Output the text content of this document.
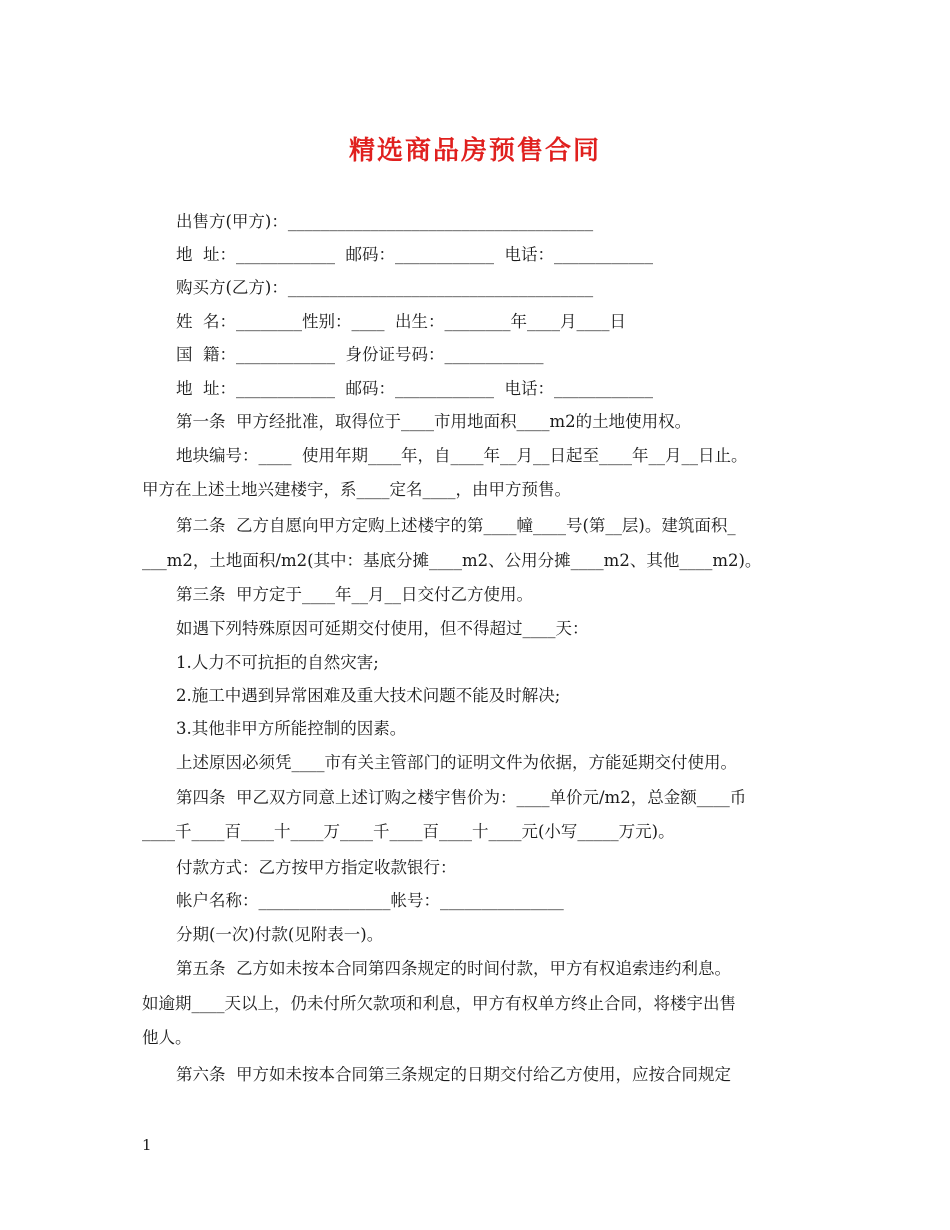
精选商品房预售合同
出售方(甲方)：_____________________________________
地  址：____________  邮码：____________  电话：____________
购买方(乙方)：_____________________________________
姓  名：________性别：____  出生：________年____月____日
国  籍：____________  身份证号码：____________
地  址：____________  邮码：____________  电话：____________
第一条  甲方经批准，取得位于____市用地面积____m2的土地使用权。
地块编号：____  使用年期____年，自____年__月__日起至____年__月__日止。
甲方在上述土地兴建楼宇，系____定名____，由甲方预售。
第二条  乙方自愿向甲方定购上述楼宇的第____幢____号(第__层)。建筑面积_
___m2，土地面积/m2(其中：基底分摊____m2、公用分摊____m2、其他____m2)。
第三条  甲方定于____年__月__日交付乙方使用。
如遇下列特殊原因可延期交付使用，但不得超过____天：
1.人力不可抗拒的自然灾害;
2.施工中遇到异常困难及重大技术问题不能及时解决;
3.其他非甲方所能控制的因素。
上述原因必须凭____市有关主管部门的证明文件为依据，方能延期交付使用。
第四条  甲乙双方同意上述订购之楼宇售价为：____单价元/m2，总金额____币
____千____百____十____万____千____百____十____元(小写_____万元)。
付款方式：乙方按甲方指定收款银行：
帐户名称：________________帐号：_______________
分期(一次)付款(见附表一)。
第五条  乙方如未按本合同第四条规定的时间付款，甲方有权追索违约利息。
如逾期____天以上，仍未付所欠款项和利息，甲方有权单方终止合同，将楼宇出售
他人。
第六条  甲方如未按本合同第三条规定的日期交付给乙方使用，应按合同规定
1
